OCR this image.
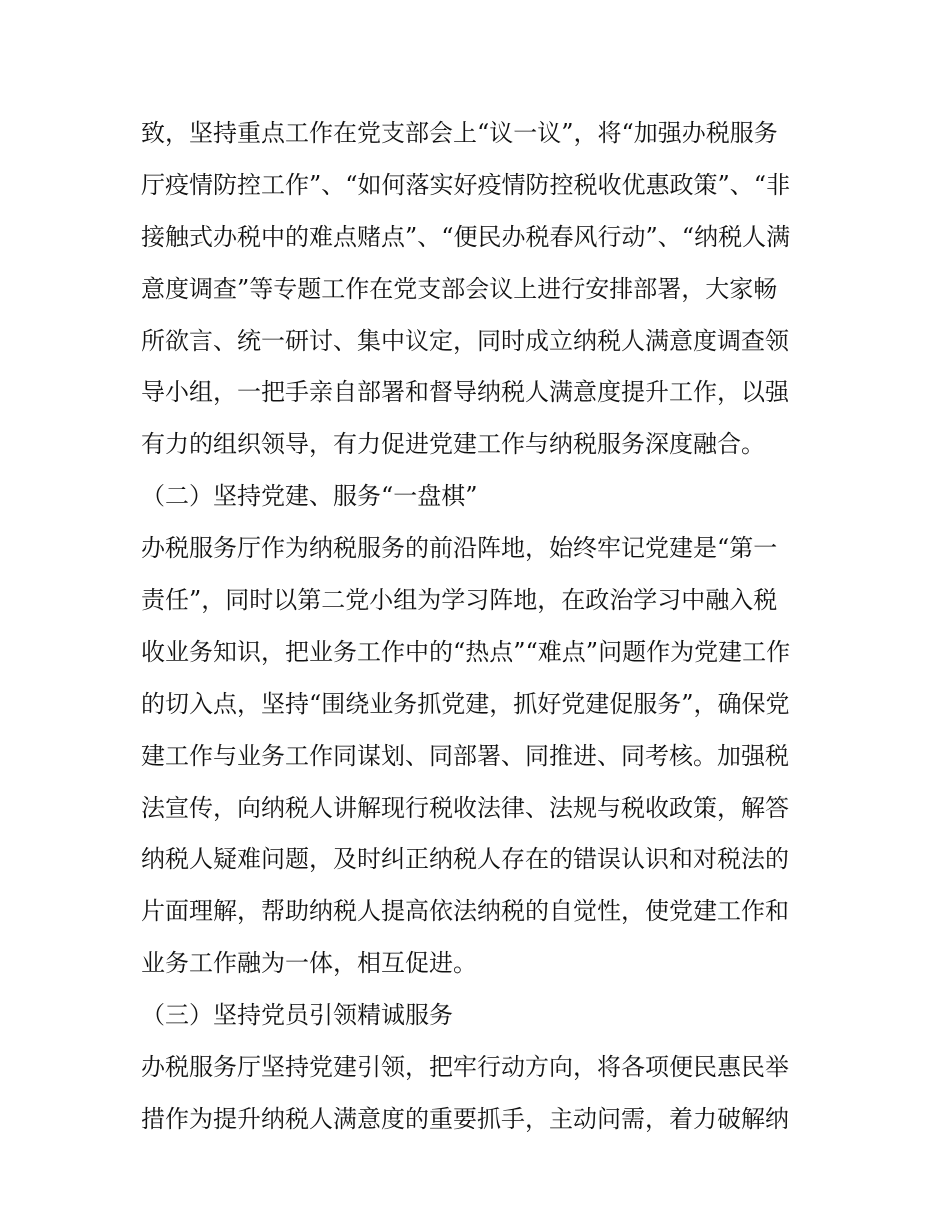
致，坚持重点工作在党支部会上“议一议”，将“加强办税服务
厅疫情防控工作”、“如何落实好疫情防控税收优惠政策”、“非
接触式办税中的难点赌点”、“便民办税春风行动”、“纳税人满
意度调查”等专题工作在党支部会议上进行安排部署，大家畅
所欲言、统一研讨、集中议定，同时成立纳税人满意度调查领
导小组，一把手亲自部署和督导纳税人满意度提升工作，以强
有力的组织领导，有力促进党建工作与纳税服务深度融合。
（二）坚持党建、服务“一盘棋”
办税服务厅作为纳税服务的前沿阵地，始终牢记党建是“第一
责任”，同时以第二党小组为学习阵地，在政治学习中融入税
收业务知识，把业务工作中的“热点”“难点”问题作为党建工作
的切入点，坚持“围绕业务抓党建，抓好党建促服务”，确保党
建工作与业务工作同谋划、同部署、同推进、同考核。加强税
法宣传，向纳税人讲解现行税收法律、法规与税收政策，解答
纳税人疑难问题，及时纠正纳税人存在的错误认识和对税法的
片面理解，帮助纳税人提高依法纳税的自觉性，使党建工作和
业务工作融为一体，相互促进。
（三）坚持党员引领精诚服务
办税服务厅坚持党建引领，把牢行动方向，将各项便民惠民举
措作为提升纳税人满意度的重要抓手，主动问需，着力破解纳
